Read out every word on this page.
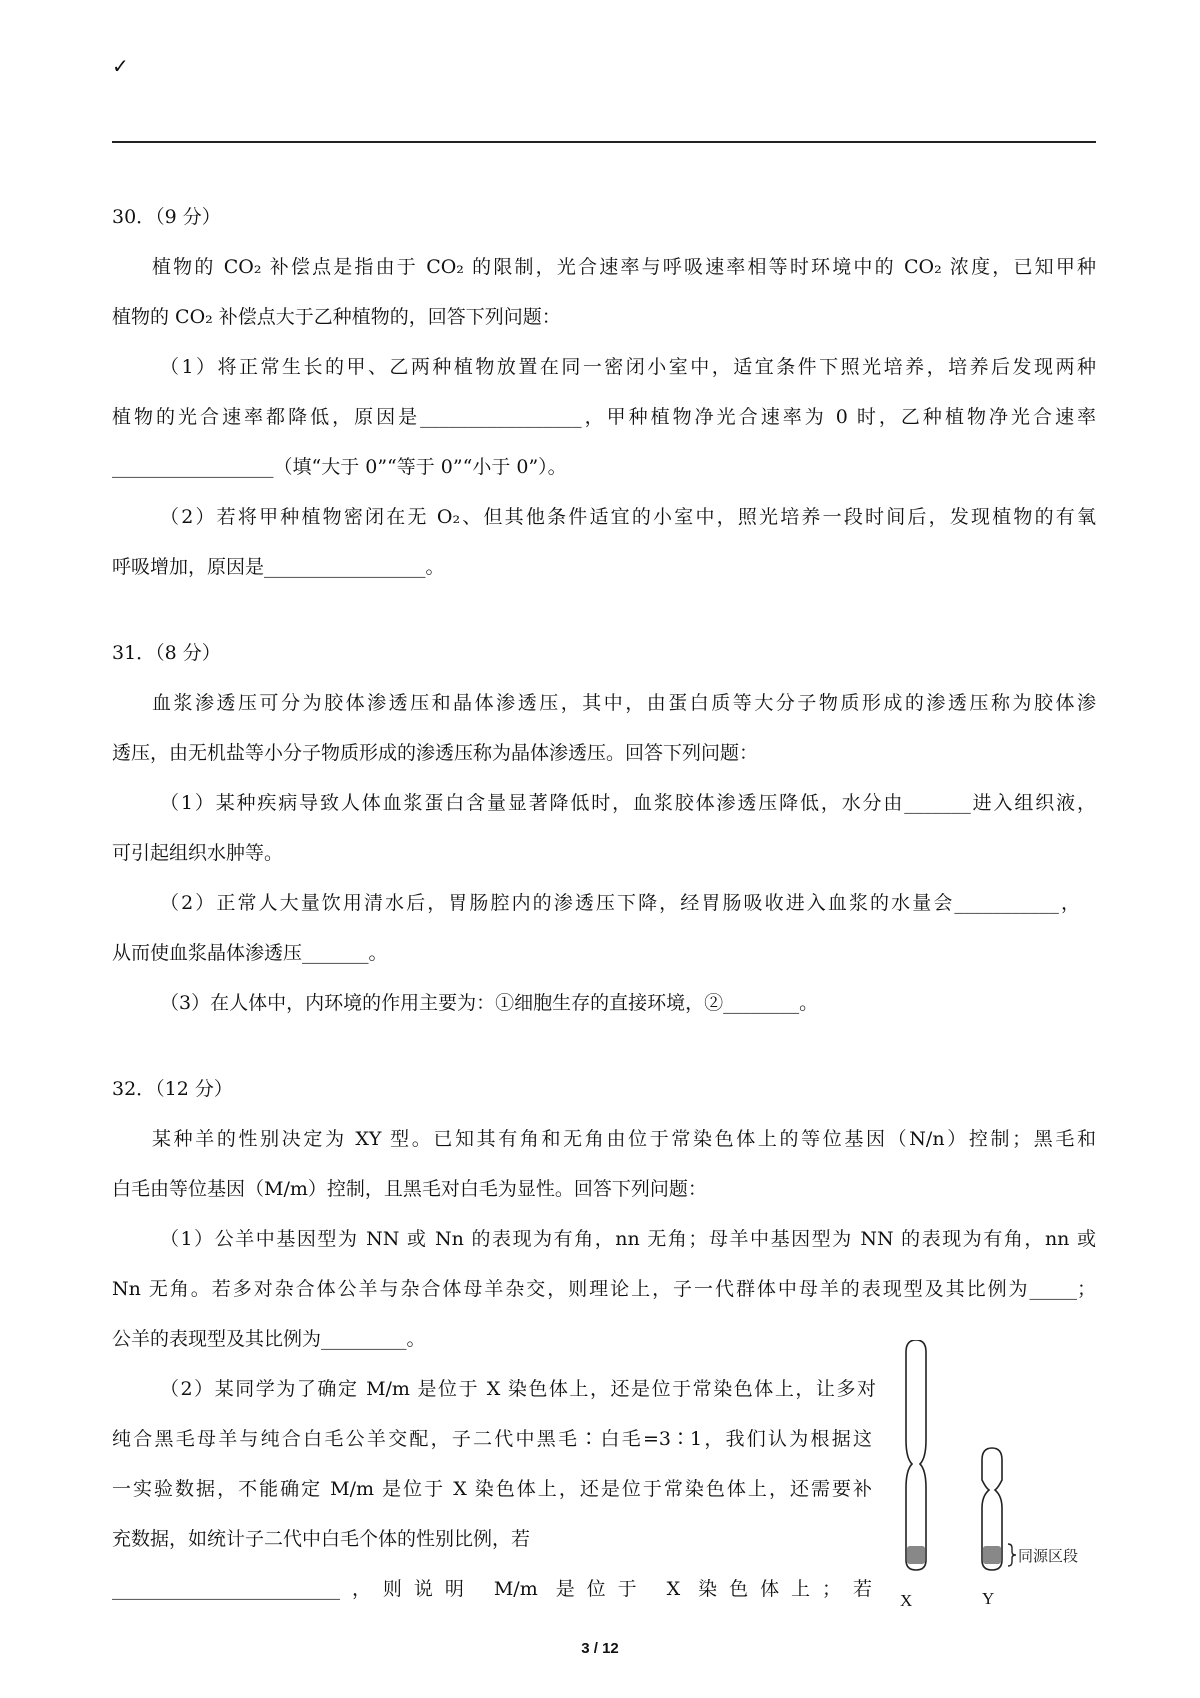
✓
30．（9 分）
植物的 CO₂ 补偿点是指由于 CO₂ 的限制，光合速率与呼吸速率相等时环境中的 CO₂ 浓度，已知甲种
植物的 CO₂ 补偿点大于乙种植物的，回答下列问题：
（1）将正常生长的甲、乙两种植物放置在同一密闭小室中，适宜条件下照光培养，培养后发现两种
植物的光合速率都降低，原因是_________________，甲种植物净光合速率为 0 时，乙种植物净光合速率
_________________（填“大于 0”“等于 0”“小于 0”）。
（2）若将甲种植物密闭在无 O₂、但其他条件适宜的小室中，照光培养一段时间后，发现植物的有氧
呼吸增加，原因是_________________。
31．（8 分）
血浆渗透压可分为胶体渗透压和晶体渗透压，其中，由蛋白质等大分子物质形成的渗透压称为胶体渗
透压，由无机盐等小分子物质形成的渗透压称为晶体渗透压。回答下列问题：
（1）某种疾病导致人体血浆蛋白含量显著降低时，血浆胶体渗透压降低，水分由_______进入组织液，
可引起组织水肿等。
（2）正常人大量饮用清水后，胃肠腔内的渗透压下降，经胃肠吸收进入血浆的水量会___________，
从而使血浆晶体渗透压_______。
（3）在人体中，内环境的作用主要为：①细胞生存的直接环境，②________。
32．（12 分）
某种羊的性别决定为 XY 型。已知其有角和无角由位于常染色体上的等位基因（N/n）控制；黑毛和
白毛由等位基因（M/m）控制，且黑毛对白毛为显性。回答下列问题：
（1）公羊中基因型为 NN 或 Nn 的表现为有角，nn 无角；母羊中基因型为 NN 的表现为有角，nn 或
Nn 无角。若多对杂合体公羊与杂合体母羊杂交，则理论上，子一代群体中母羊的表现型及其比例为_____；
公羊的表现型及其比例为_________。
（2）某同学为了确定 M/m 是位于 X 染色体上，还是位于常染色体上，让多对
纯合黑毛母羊与纯合白毛公羊交配，子二代中黑毛∶白毛=3∶1，我们认为根据这
一实验数据，不能确定 M/m 是位于 X 染色体上，还是位于常染色体上，还需要补
充数据，如统计子二代中白毛个体的性别比例，若
同源区段
X	Y
________________________，则说明 M/m 是位于 X 染色体上；若
3 / 12
